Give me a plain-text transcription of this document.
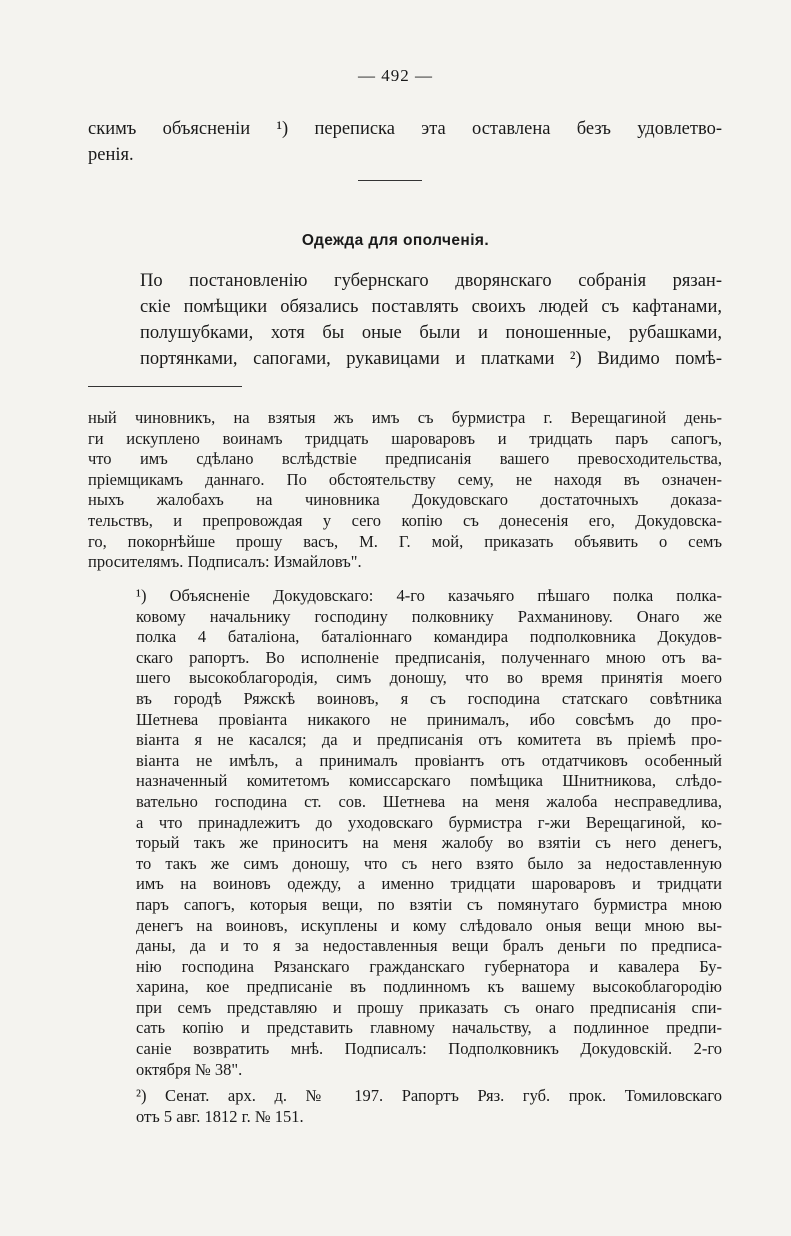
— 492 —
скимъ объясненіи ¹) переписка эта оставлена безъ удовлетво-
ренія.
Одежда для ополченія.
По постановленію губернскаго дворянскаго собранія рязан-
скіе помѣщики обязались поставлять своихъ людей съ кафтанами,
полушубками, хотя бы оные были и поношенные, рубашками,
портянками, сапогами, рукавицами и платками ²) Видимо помѣ-
ный чиновникъ, на взятыя жъ имъ съ бурмистра г. Верещагиной день-
ги искуплено воинамъ тридцать шароваровъ и тридцать паръ сапогъ,
что имъ сдѣлано вслѣдствіе предписанія вашего превосходительства,
пріемщикамъ даннаго. По обстоятельству сему, не находя въ означен-
ныхъ жалобахъ на чиновника Докудовскаго достаточныхъ доказа-
тельствъ, и препровождая у сего копію съ донесенія его, Докудовска-
го, покорнѣйше прошу васъ, М. Г. мой, приказать объявить о семъ
просителямъ. Подписалъ: Измайловъ".
¹) Объясненіе Докудовскаго: 4-го казачьяго пѣшаго полка полка-
ковому начальнику господину полковнику Рахманинову. Онаго же
полка 4 баталіона, баталіоннаго командира подполковника Докудов-
скаго рапортъ. Во исполненіе предписанія, полученнаго мною отъ ва-
шего высокоблагородія, симъ доношу, что во время принятія моего
въ городѣ Ряжскѣ воиновъ, я съ господина статскаго совѣтника
Шетнева провіанта никакого не принималъ, ибо совсѣмъ до про-
віанта я не касался; да и предписанія отъ комитета въ пріемѣ про-
віанта не имѣлъ, а принималъ провіантъ отъ отдатчиковъ особенный
назначенный комитетомъ комиссарскаго помѣщика Шнитникова, слѣдо-
вательно господина ст. сов. Шетнева на меня жалоба несправедлива,
а что принадлежитъ до уходовскаго бурмистра г-жи Верещагиной, ко-
торый такъ же приноситъ на меня жалобу во взятіи съ него денегъ,
то такъ же симъ доношу, что съ него взято было за недоставленную
имъ на воиновъ одежду, а именно тридцати шароваровъ и тридцати
паръ сапогъ, которыя вещи, по взятіи съ помянутаго бурмистра мною
денегъ на воиновъ, искуплены и кому слѣдовало оныя вещи мною вы-
даны, да и то я за недоставленныя вещи бралъ деньги по предписа-
нію господина Рязанскаго гражданскаго губернатора и кавалера Бу-
харина, кое предписаніе въ подлинномъ къ вашему высокоблагородію
при семъ представляю и прошу приказать съ онаго предписанія спи-
сать копію и представить главному начальству, а подлинное предпи-
саніе возвратить мнѣ. Подписалъ: Подполковникъ Докудовскій. 2-го
октября № 38".
²) Сенат. арх. д. № 197. Рапортъ Ряз. губ. прок. Томиловскаго
отъ 5 авг. 1812 г. № 151.
